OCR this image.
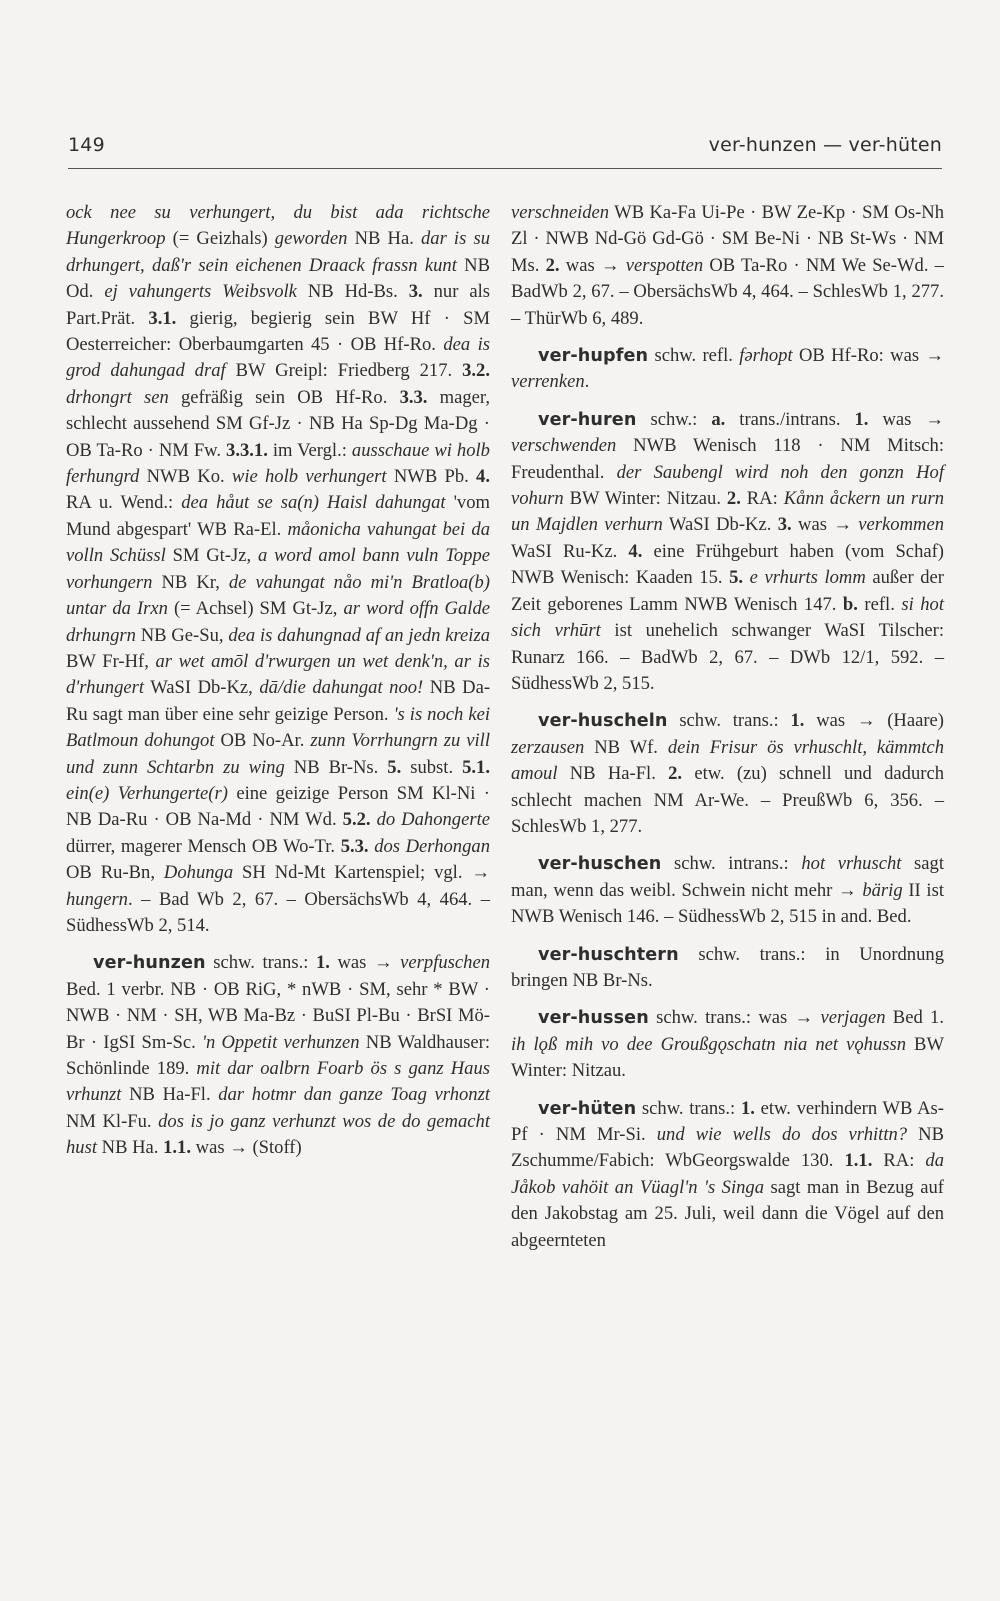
149	ver-hunzen — ver-hüten

ock nee su verhungert, du bist ada richtsche Hungerkroop (= Geizhals) geworden NB Ha. dar is su drhungert, daß'r sein eichenen Draack frassn kunt NB Od. ej vahungerts Weibsvolk NB Hd-Bs. 3. nur als Part.Prät. 3.1. gierig, begierig sein BW Hf · SM Oesterreicher: Oberbaumgarten 45 · OB Hf-Ro. dea is grod dahungad draf BW Greipl: Friedberg 217. 3.2. drhongrt sen gefräßig sein OB Hf-Ro. 3.3. mager, schlecht aussehend SM Gf-Jz · NB Ha Sp-Dg Ma-Dg · OB Ta-Ro · NM Fw. 3.3.1. im Vergl.: ausschaue wi holb ferhungrd NWB Ko. wie holb verhungert NWB Pb. 4. RA u. Wend.: dea håut se sa(n) Haisl dahungat 'vom Mund abgespart' WB Ra-El. måonicha vahungat bei da volln Schüssl SM Gt-Jz, a word amol bann vuln Toppe vorhungern NB Kr, de vahungat nåo mi'n Bratloa(b) untar da Irxn (= Achsel) SM Gt-Jz, ar word offn Galde drhungrn NB Ge-Su, dea is dahungnad af an jedn kreiza BW Fr-Hf, ar wet amōl d'rwurgen un wet denk'n, ar is d'rhungert WaSI Db-Kz, dā/die dahungat noo! NB Da-Ru sagt man über eine sehr geizige Person. 's is noch kei Batlmoun dohungot OB No-Ar. zunn Vorrhungrn zu vill und zunn Schtarbn zu wing NB Br-Ns. 5. subst. 5.1. ein(e) Verhungerte(r) eine geizige Person SM Kl-Ni · NB Da-Ru · OB Na-Md · NM Wd. 5.2. do Dahongerte dürrer, magerer Mensch OB Wo-Tr. 5.3. dos Derhongan OB Ru-Bn, Dohunga SH Nd-Mt Kartenspiel; vgl. → hungern. – Bad Wb 2, 67. – ObersächsWb 4, 464. – SüdhessWb 2, 514.

ver-hunzen schw. trans.: 1. was → verpfuschen Bed. 1 verbr. NB · OB RiG, * nWB · SM, sehr * BW · NWB · NM · SH, WB Ma-Bz · BuSI Pl-Bu · BrSI Mö-Br · IgSI Sm-Sc. 'n Oppetit verhunzen NB Waldhauser: Schönlinde 189. mit dar oalbrn Foarb ös s ganz Haus vrhunzt NB Ha-Fl. dar hotmr dan ganze Toag vrhonzt NM Kl-Fu. dos is jo ganz verhunzt wos de do gemacht hust NB Ha. 1.1. was → (Stoff)

verschneiden WB Ka-Fa Ui-Pe · BW Ze-Kp · SM Os-Nh Zl · NWB Nd-Gö Gd-Gö · SM Be-Ni · NB St-Ws · NM Ms. 2. was → verspotten OB Ta-Ro · NM We Se-Wd. – BadWb 2, 67. – ObersächsWb 4, 464. – SchlesWb 1, 277. – ThürWb 6, 489.

ver-hupfen schw. refl. fərhopt OB Hf-Ro: was → verrenken.

ver-huren schw.: a. trans./intrans. 1. was → verschwenden NWB Wenisch 118 · NM Mitsch: Freudenthal. der Saubengl wird noh den gonzn Hof vohurn BW Winter: Nitzau. 2. RA: Kånn åckern un rurn un Majdlen verhurn WaSI Db-Kz. 3. was → verkommen WaSI Ru-Kz. 4. eine Frühgeburt haben (vom Schaf) NWB Wenisch: Kaaden 15. 5. e vrhurts lomm außer der Zeit geborenes Lamm NWB Wenisch 147. b. refl. si hot sich vrhūrt ist unehelich schwanger WaSI Tilscher: Runarz 166. – BadWb 2, 67. – DWb 12/1, 592. – SüdhessWb 2, 515.

ver-huscheln schw. trans.: 1. was → (Haare) zerzausen NB Wf. dein Frisur ös vrhuschlt, kämmtch amoul NB Ha-Fl. 2. etw. (zu) schnell und dadurch schlecht machen NM Ar-We. – PreußWb 6, 356. – SchlesWb 1, 277.

ver-huschen schw. intrans.: hot vrhuscht sagt man, wenn das weibl. Schwein nicht mehr → bärig II ist NWB Wenisch 146. – SüdhessWb 2, 515 in and. Bed.

ver-huschtern schw. trans.: in Unordnung bringen NB Br-Ns.

ver-hussen schw. trans.: was → verjagen Bed 1. ih lǫß mih vo dee Groußgǫschatn nia net vǫhussn BW Winter: Nitzau.

ver-hüten schw. trans.: 1. etw. verhindern WB As-Pf · NM Mr-Si. und wie wells do dos vrhittn? NB Zschumme/Fabich: WbGeorgswalde 130. 1.1. RA: da Jåkob vahöit an Vüagl'n 's Singa sagt man in Bezug auf den Jakobstag am 25. Juli, weil dann die Vögel auf den abgeernteten
